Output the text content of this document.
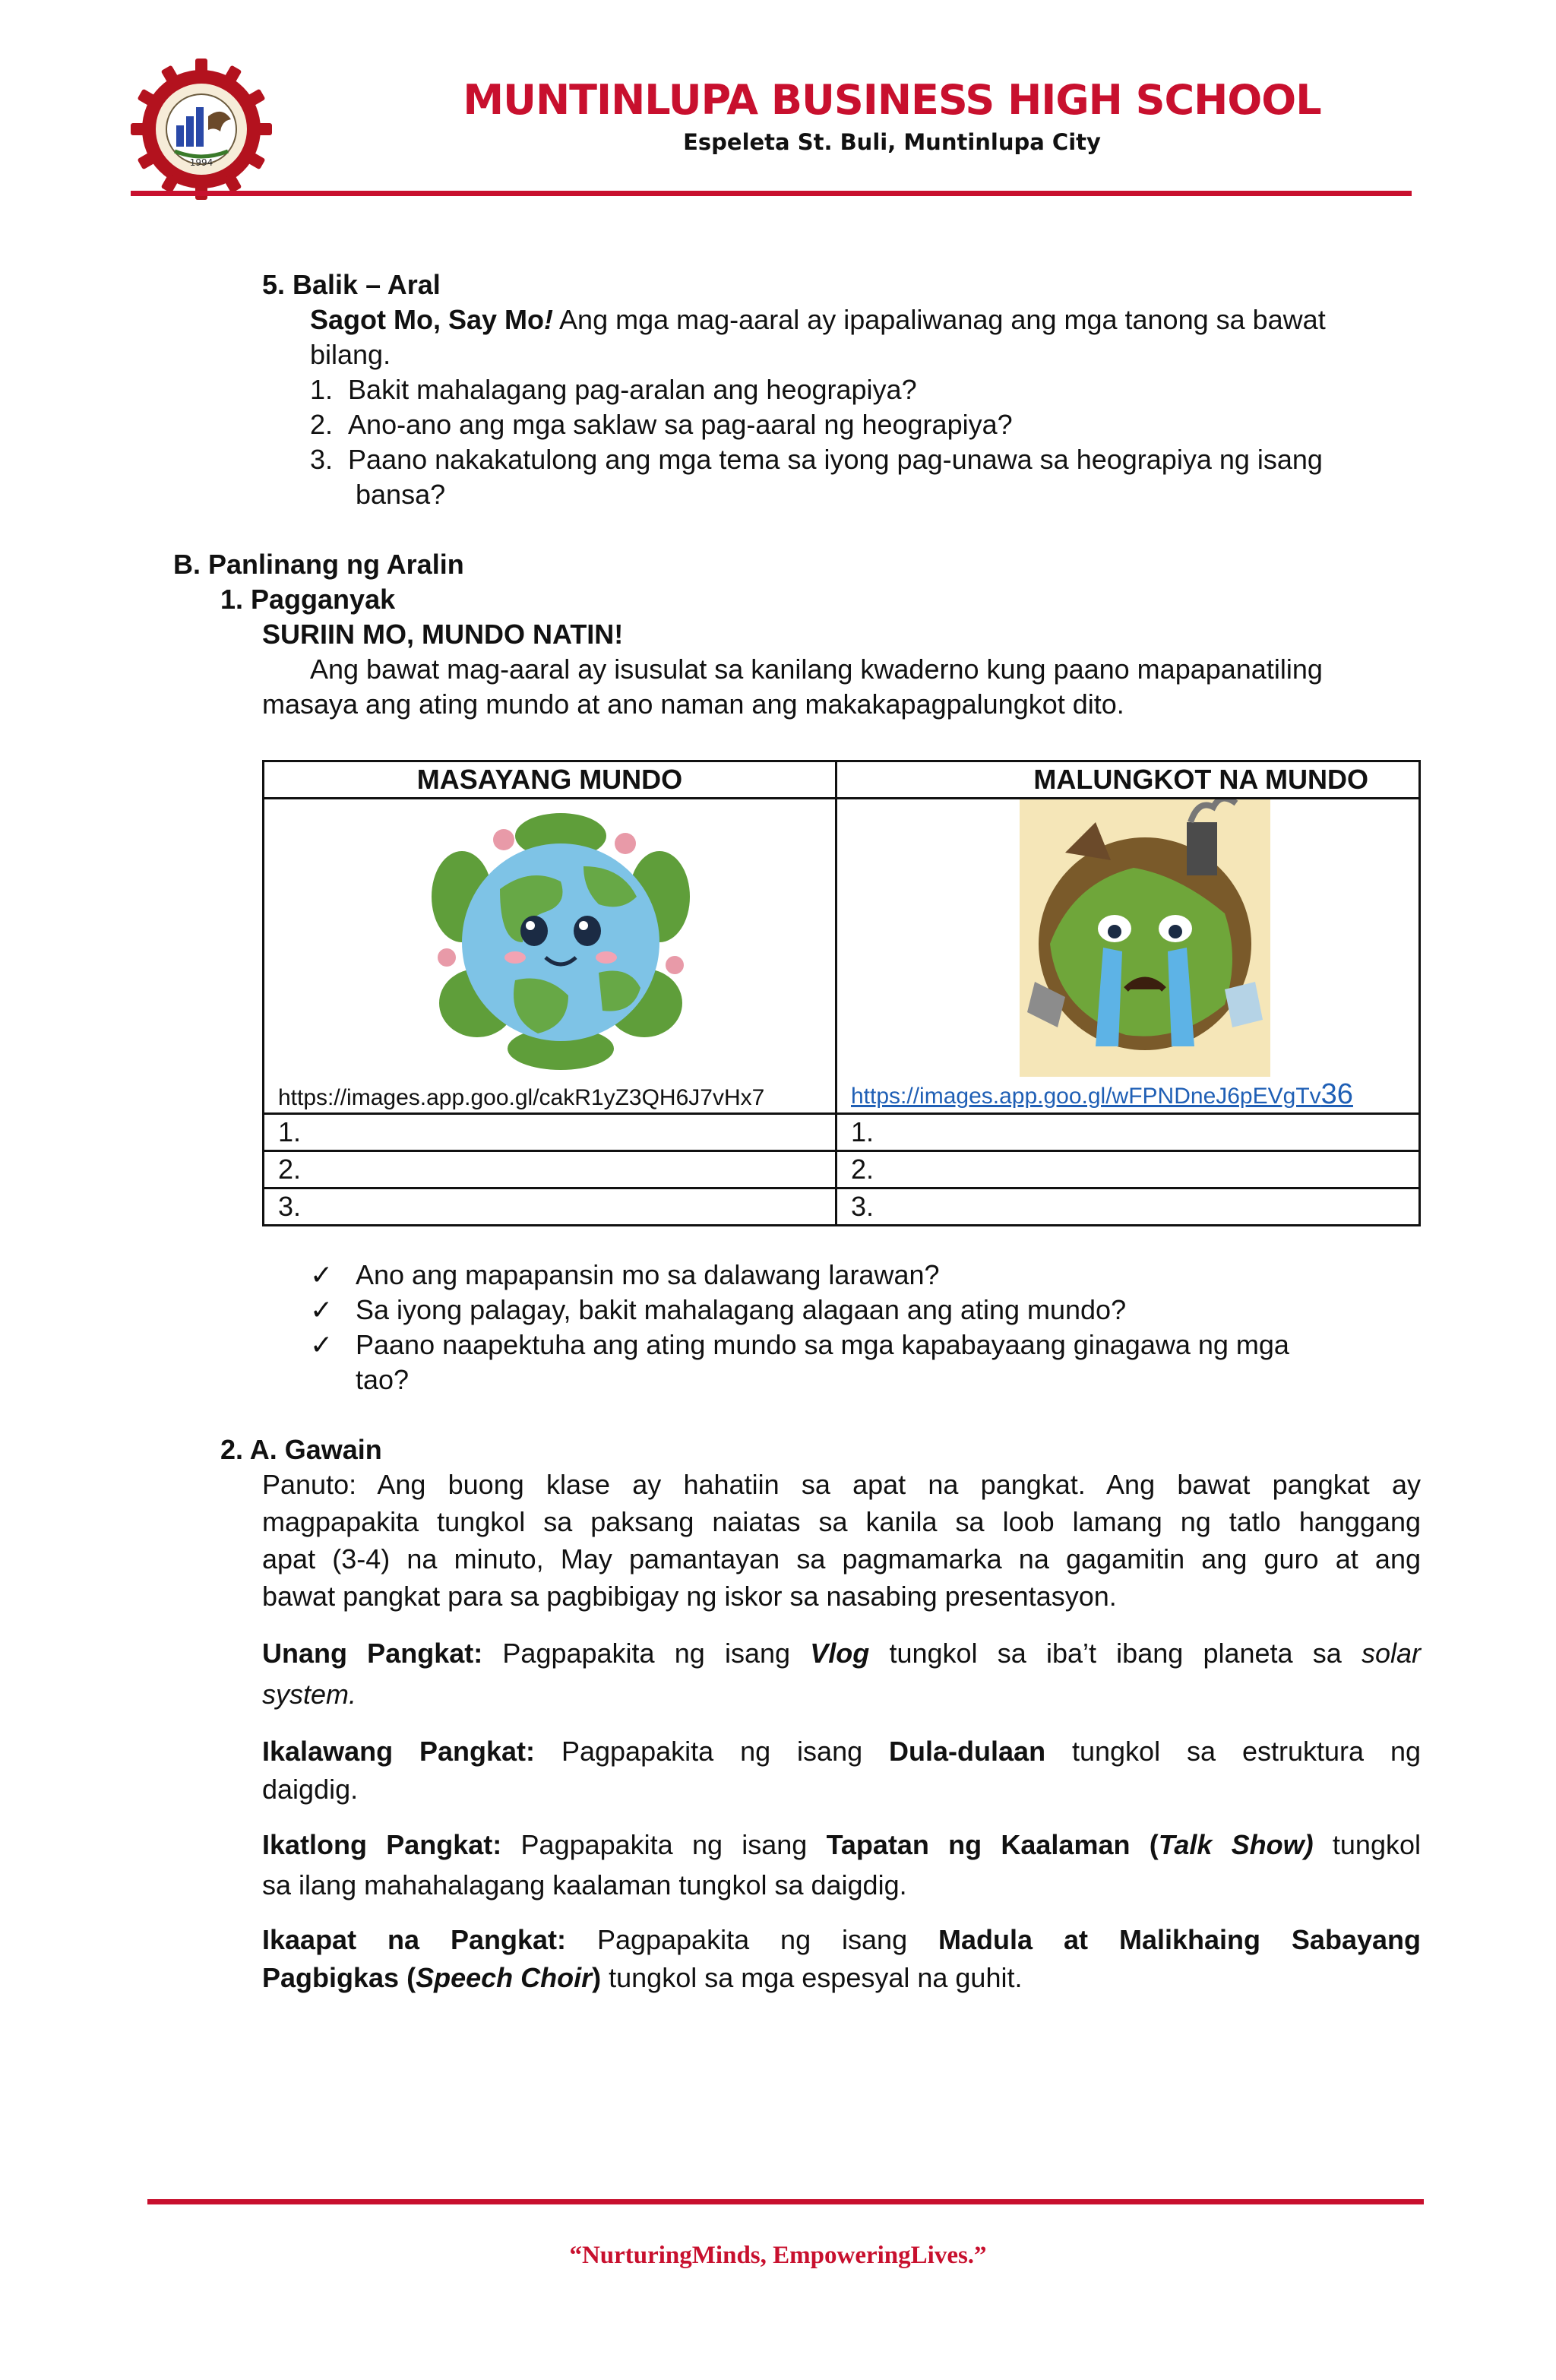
1994
MUNTINLUPA BUSINESS HIGH SCHOOL
Espeleta St. Buli, Muntinlupa City
5. Balik – Aral
Sagot Mo, Say Mo! Ang mga mag-aaral ay ipapaliwanag ang mga tanong sa bawat
bilang.
1. Bakit mahalagang pag-aralan ang heograpiya?
2. Ano-ano ang mga saklaw sa pag-aaral ng heograpiya?
3. Paano nakakatulong ang mga tema sa iyong pag-unawa sa heograpiya ng isang
bansa?
B. Panlinang ng Aralin
1. Pagganyak
SURIIN MO, MUNDO NATIN!
Ang bawat mag-aaral ay isusulat sa kanilang kwaderno kung paano mapapanatiling
masaya ang ating mundo at ano naman ang makakapagpalungkot dito.
MASAYANG MUNDO	MALUNGKOT NA MUNDO

https://images.app.goo.gl/cakR1yZ3QH6J7vHx7	https://images.app.goo.gl/wFPNDneJ6pEVgTv36

1.	1.
2.	2.
3.	3.
✓ Ano ang mapapansin mo sa dalawang larawan?
✓ Sa iyong palagay, bakit mahalagang alagaan ang ating mundo?
✓ Paano naapektuha ang ating mundo sa mga kapabayaang ginagawa ng mga
tao?
2. A. Gawain
Panuto: Ang buong klase ay hahatiin sa apat na pangkat. Ang bawat pangkat ay
magpapakita tungkol sa paksang naiatas sa kanila sa loob lamang ng tatlo hanggang
apat (3-4) na minuto, May pamantayan sa pagmamarka na gagamitin ang guro at ang
bawat pangkat para sa pagbibigay ng iskor sa nasabing presentasyon.
Unang Pangkat: Pagpapakita ng isang Vlog tungkol sa iba’t ibang planeta sa solar
system.
Ikalawang Pangkat: Pagpapakita ng isang Dula-dulaan tungkol sa estruktura ng
daigdig.
Ikatlong Pangkat: Pagpapakita ng isang Tapatan ng Kaalaman (Talk Show) tungkol
sa ilang mahahalagang kaalaman tungkol sa daigdig.
Ikaapat na Pangkat: Pagpapakita ng isang Madula at Malikhaing Sabayang
Pagbigkas (Speech Choir) tungkol sa mga espesyal na guhit.
“NurturingMinds, EmpoweringLives.”
